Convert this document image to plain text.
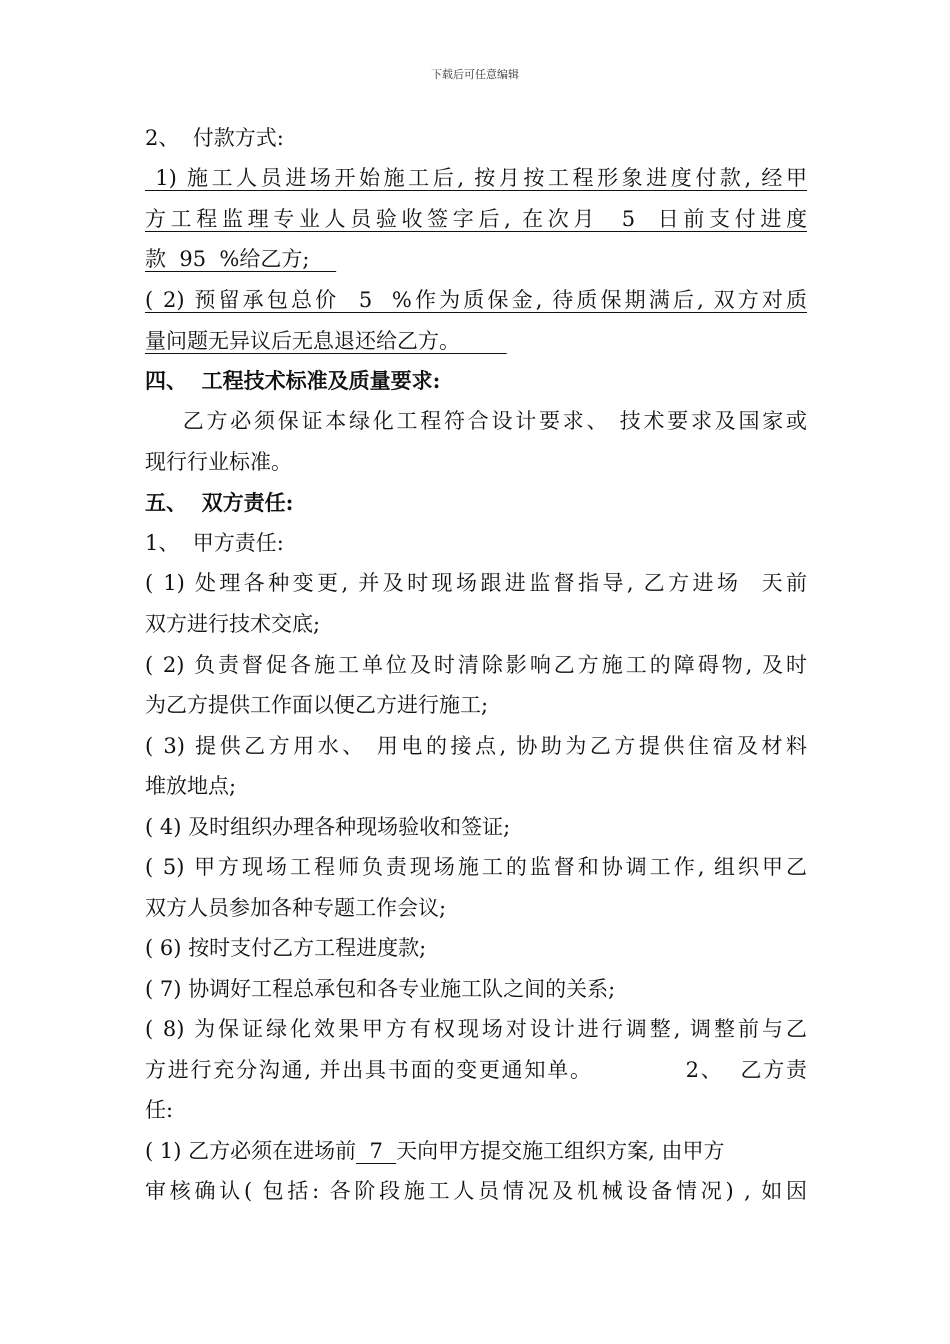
下载后可任意编辑
2、  付款方式:
1) 施工人员进场开始施工后, 按月按工程形象进度付款, 经甲
方工程监理专业人员验收签字后, 在次月  5  日前支付进度
款  95  %给乙方;
( 2) 预留承包总价  5  %作为质保金, 待质保期满后, 双方对质
量问题无异议后无息退还给乙方。
四、  工程技术标准及质量要求:
乙方必须保证本绿化工程符合设计要求、 技术要求及国家或
现行行业标准。
五、  双方责任:
1、  甲方责任:
( 1) 处理各种变更, 并及时现场跟进监督指导, 乙方进场  天前
双方进行技术交底;
( 2) 负责督促各施工单位及时清除影响乙方施工的障碍物, 及时
为乙方提供工作面以便乙方进行施工;
( 3) 提供乙方用水、 用电的接点, 协助为乙方提供住宿及材料
堆放地点;
( 4) 及时组织办理各种现场验收和签证;
( 5) 甲方现场工程师负责现场施工的监督和协调工作, 组织甲乙
双方人员参加各种专题工作会议;
( 6) 按时支付乙方工程进度款;
( 7) 协调好工程总承包和各专业施工队之间的关系;
( 8) 为保证绿化效果甲方有权现场对设计进行调整, 调整前与乙
方进行充分沟通, 并出具书面的变更通知单。           2、  乙方责
任:
( 1) 乙方必须在进场前  7  天向甲方提交施工组织方案, 由甲方
审核确认( 包括: 各阶段施工人员情况及机械设备情况) , 如因
